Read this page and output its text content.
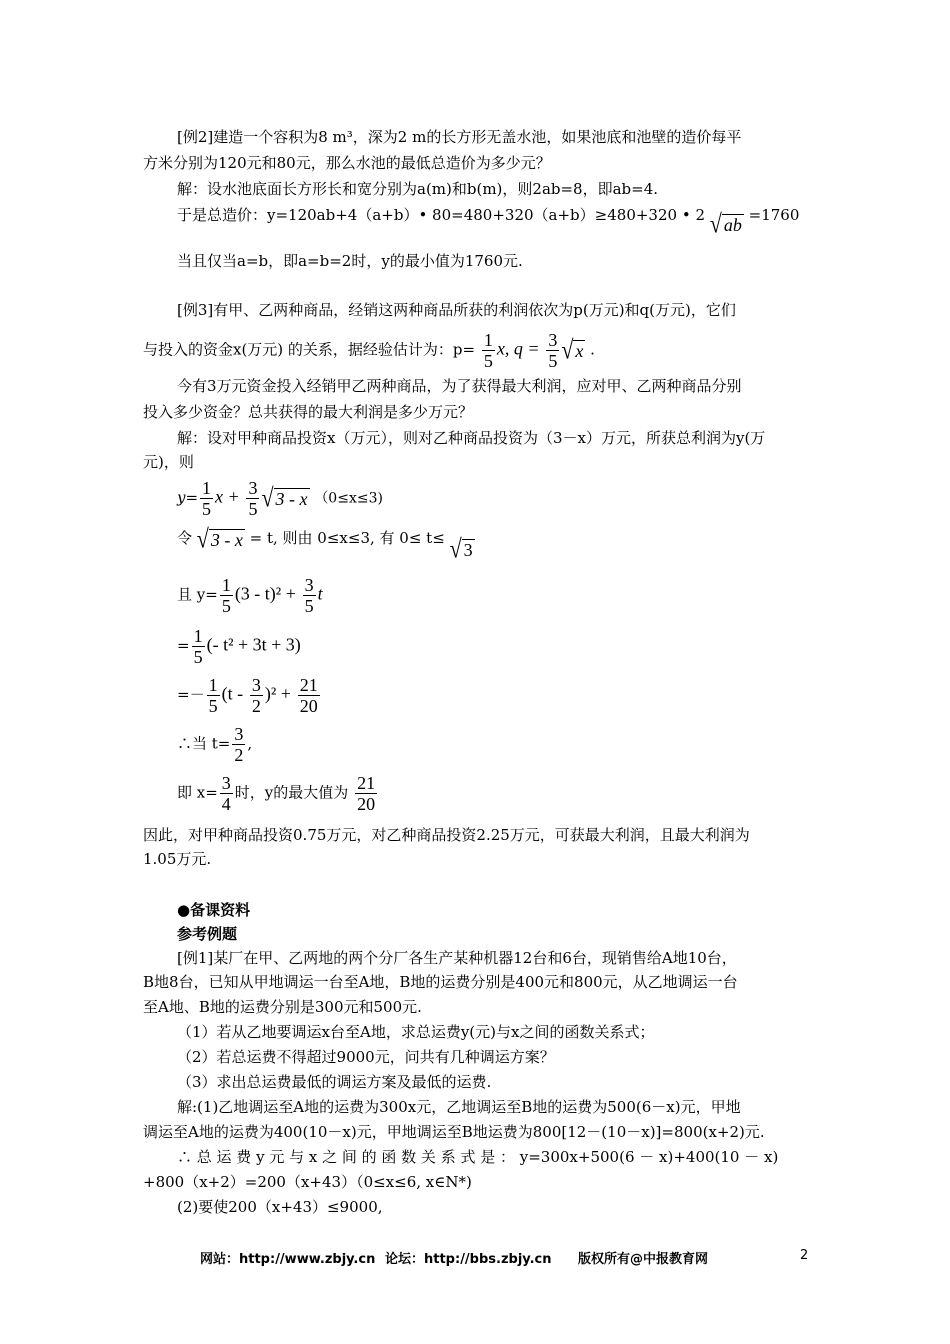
[例2]建造一个容积为8 m³，深为2 m的长方形无盖水池，如果池底和池壁的造价每平
方米分别为120元和80元，那么水池的最低总造价为多少元？
解：设水池底面长方形长和宽分别为a(m)和b(m)，则2ab=8，即ab=4.
于是总造价：y=120ab+4（a+b）• 80=480+320（a+b）≥480+320 • 2 √ ab =1760
当且仅当a=b，即a=b=2时，y的最小值为1760元.
[例3]有甲、乙两种商品，经销这两种商品所获的利润依次为p(万元)和q(万元)，它们
与投入的资金x(万元) 的关系，据经验估计为：$p= \frac{1}{5} x$, $q = \frac{3}{5}$ √ x .
今有3万元资金投入经销甲乙两种商品，为了获得最大利润，应对甲、乙两种商品分别
投入多少资金？总共获得的最大利润是多少万元？
解：设对甲种商品投资x（万元），则对乙种商品投资为（3－x）万元，所获总利润为y(万
元)，则
$y= \frac{1}{5}$ $x + \frac{3}{5}$ √ 3 - x （0≤x≤3)
令 √ 3 - x = t, 则由 0≤x≤3, 有 0≤ t≤ √ 3
且 $y= \frac{1}{5} (3 - t)^2 + \frac{3}{5}$ t
= $\frac{1}{5}$ (- t² + 3t + 3)
=－ $\frac{1}{5} (t - \frac{3}{2} )^2 + \frac{21}{20}$
∴当 $t= \frac{3}{2}$ ,
即 $x= \frac{3}{4}$ 时，y的最大值为 $\frac{21}{20}$
因此，对甲种商品投资0.75万元，对乙种商品投资2.25万元，可获最大利润，且最大利润为
1.05万元.
●备课资料
参考例题
[例1]某厂在甲、乙两地的两个分厂各生产某种机器12台和6台，现销售给A地10台，
B地8台，已知从甲地调运一台至A地，B地的运费分别是400元和800元，从乙地调运一台
至A地、B地的运费分别是300元和500元.
（1）若从乙地要调运x台至A地，求总运费y(元)与x之间的函数关系式；
（2）若总运费不得超过9000元，问共有几种调运方案？
（3）求出总运费最低的调运方案及最低的运费.
解:(1)乙地调运至A地的运费为300x元，乙地调运至B地的运费为500(6－x)元，甲地
调运至A地的运费为400(10－x)元，甲地调运至B地运费为800[12－(10－x)]=800(x+2)元.
∴ 总 运 费 y 元 与 x 之 间 的 函 数 关 系 式 是 ： y=300x+500(6 － x)+400(10 － x)
+800（x+2）=200（x+43）（0≤x≤6, x∈N*)
(2)要使200（x+43）≤9000,
网站：http://www.zbjy.cn 论坛：http://bbs.zbjy.cn 版权所有@中报教育网	2
